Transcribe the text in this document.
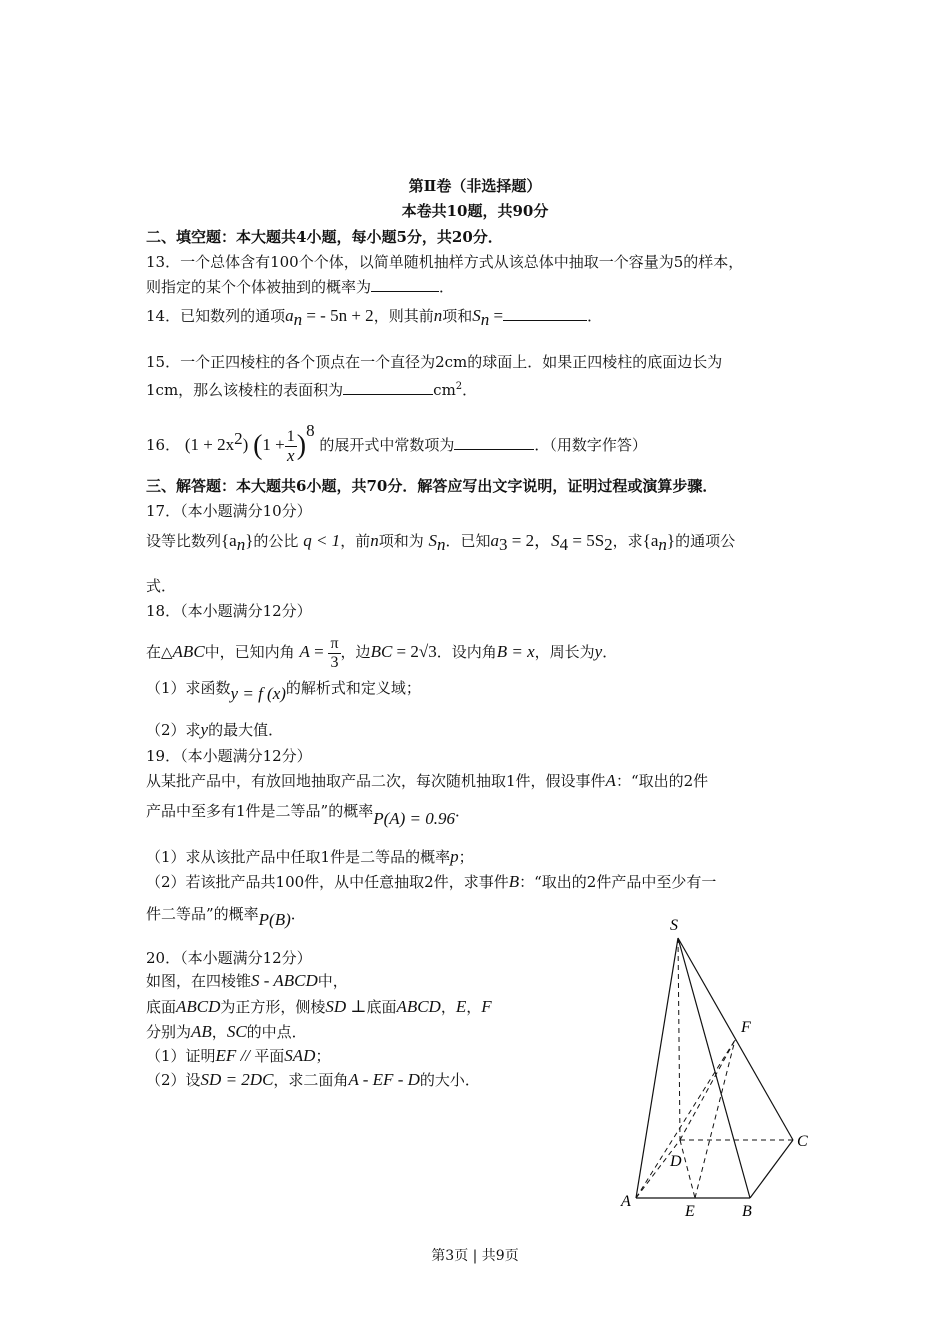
第Ⅱ卷（非选择题）
本卷共10题，共90分
二、填空题：本大题共4小题，每小题5分，共20分．
13．一个总体含有100个个体，以简单随机抽样方式从该总体中抽取一个容量为5的样本，
则指定的某个个体被抽到的概率为	．
14．已知数列的通项$a_n$ = - 5n + 2，则其前n项和$S_n$ =	．
15．一个正四棱柱的各个顶点在一个直径为2cm的球面上．如果正四棱柱的底面边长为
1cm，那么该棱柱的表面积为	$cm^2$．
16． $(1 + 2x^2)$ $(1 + \frac{1}{x} )^8$ 的展开式中常数项为	．（用数字作答）
三、解答题：本大题共6小题，共70分．解答应写出文字说明，证明过程或演算步骤．
17．（本小题满分10分）
设等比数列$\{a_n\}$的公比 q < 1，前n项和为 $S_n$．已知$a_3 = 2$，$S_4 = 5S_2$，求$\{a_n\}$的通项公
式．
18．（本小题满分12分）
在△ABC中，已知内角 $A = \frac{\pi}{3}$ ，边BC = 2√3．设内角B = x，周长为y．
（1）求函数y = f (x)的解析式和定义域；
（2）求y的最大值．
19．（本小题满分12分）
从某批产品中，有放回地抽取产品二次，每次随机抽取1件，假设事件A：“取出的2件
产品中至多有1件是二等品”的概率P(A) = 0.96．
（1）求从该批产品中任取1件是二等品的概率p；
（2）若该批产品共100件，从中任意抽取2件，求事件B：“取出的2件产品中至少有一
件二等品”的概率P(B)．
20．（本小题满分12分）
如图，在四棱锥S - ABCD中，
底面ABCD为正方形，侧棱SD ⊥底面ABCD，E，F
分别为AB，SC的中点．
（1）证明EF // 平面SAD；
（2）设SD = 2DC，求二面角A - EF - D的大小．
S
F
C
D
A
E	B
第3页 | 共9页
